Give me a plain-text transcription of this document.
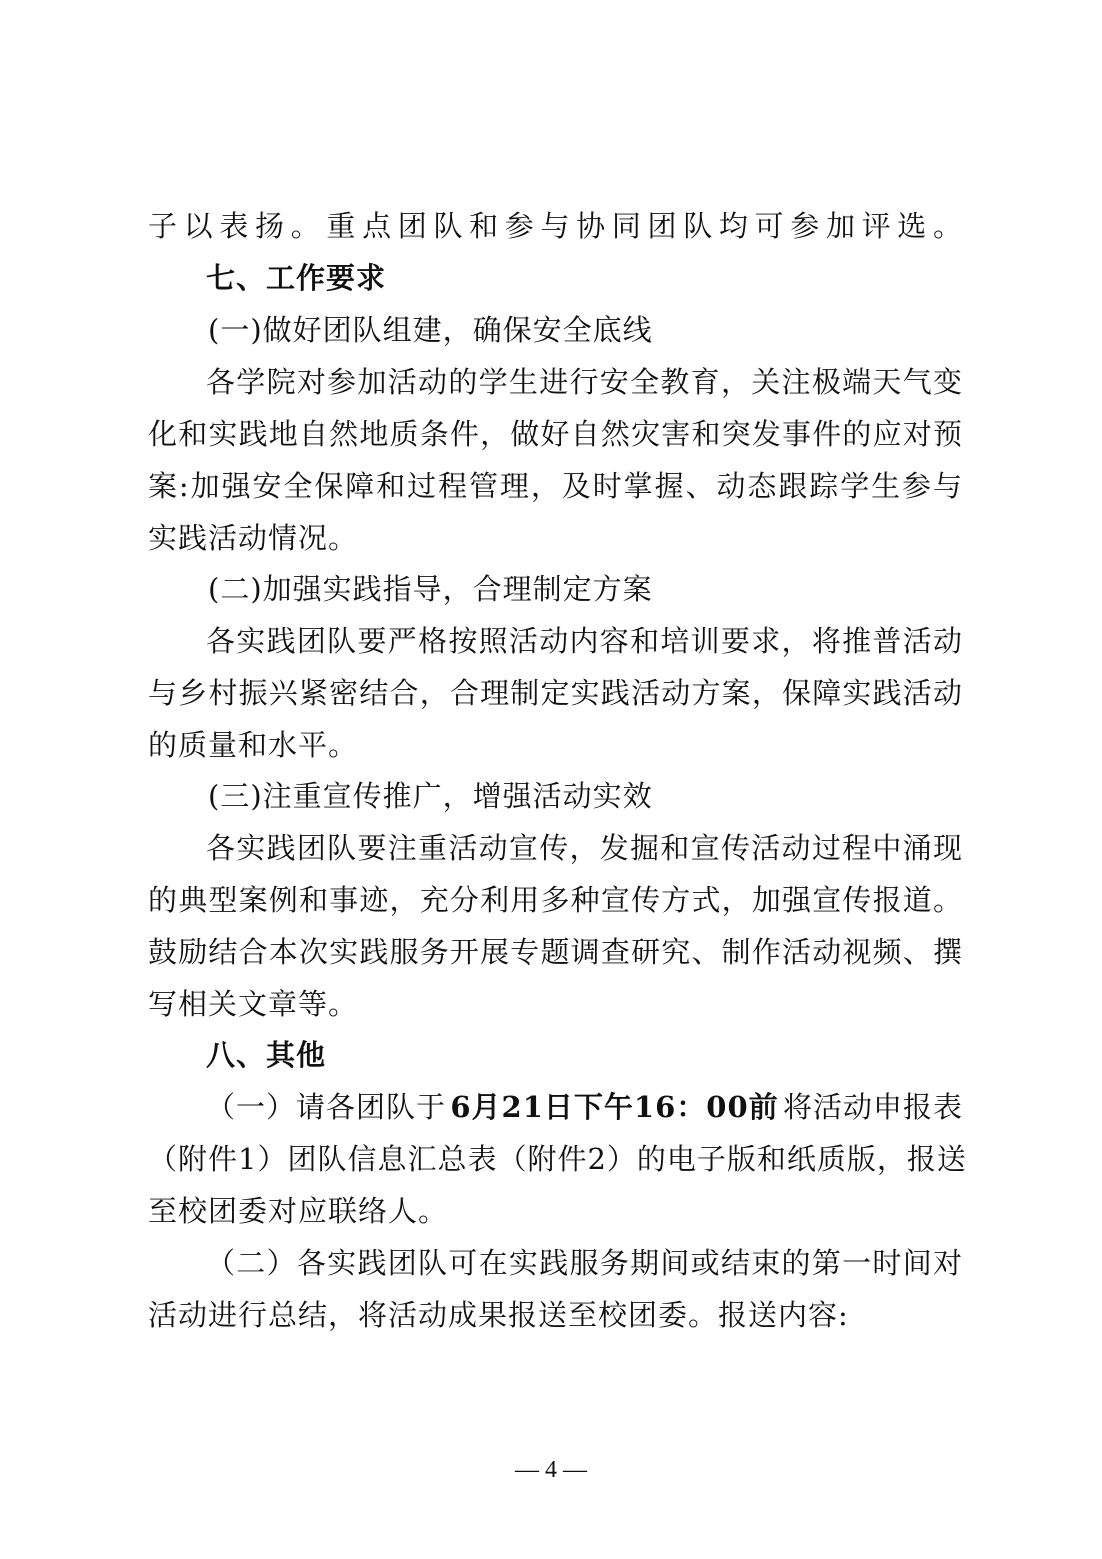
子以表扬。重点团队和参与协同团队均可参加评选。
七、工作要求
(一)做好团队组建，确保安全底线
各学院对参加活动的学生进行安全教育，关注极端天气变
化和实践地自然地质条件，做好自然灾害和突发事件的应对预
案:加强安全保障和过程管理，及时掌握、动态跟踪学生参与
实践活动情况。
(二)加强实践指导，合理制定方案
各实践团队要严格按照活动内容和培训要求，将推普活动
与乡村振兴紧密结合，合理制定实践活动方案，保障实践活动
的质量和水平。
(三)注重宣传推广，增强活动实效
各实践团队要注重活动宣传，发掘和宣传活动过程中涌现
的典型案例和事迹，充分利用多种宣传方式，加强宣传报道。
鼓励结合本次实践服务开展专题调查研究、制作活动视频、撰
写相关文章等。
八、其他
（一）请各团队于 6月21日下午16：00前 将活动申报表
（附件1）团队信息汇总表（附件2）的电子版和纸质版，报送
至校团委对应联络人。
（二）各实践团队可在实践服务期间或结束的第一时间对
活动进行总结，将活动成果报送至校团委。报送内容:
— 4 —
